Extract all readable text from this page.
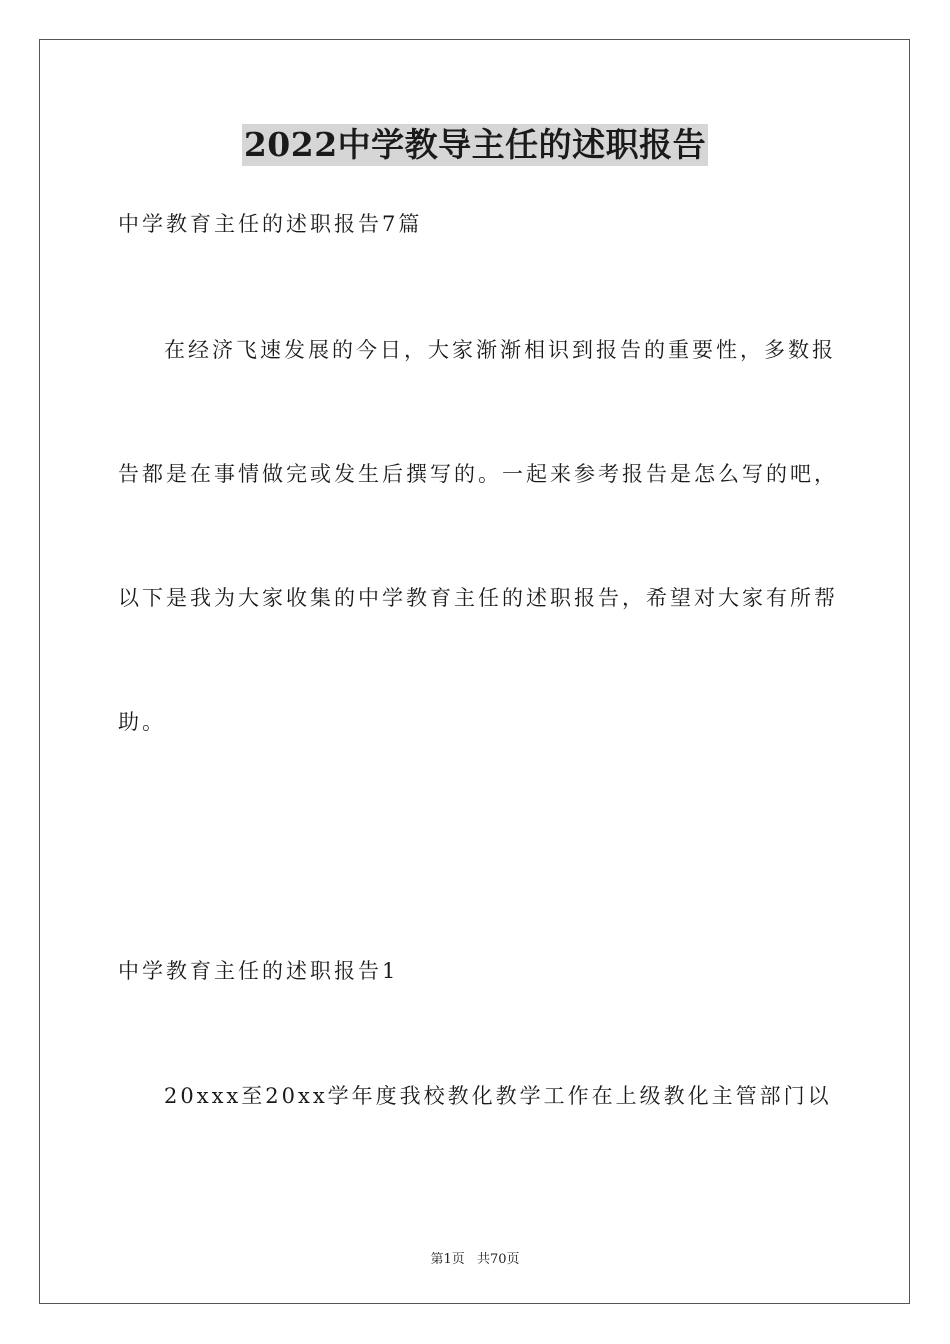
2022中学教导主任的述职报告
中学教育主任的述职报告7篇
在经济飞速发展的今日，大家渐渐相识到报告的重要性，多数报
告都是在事情做完或发生后撰写的。一起来参考报告是怎么写的吧，
以下是我为大家收集的中学教育主任的述职报告，希望对大家有所帮
助。
中学教育主任的述职报告1
20xxx至20xx学年度我校教化教学工作在上级教化主管部门以
第1页 共70页
